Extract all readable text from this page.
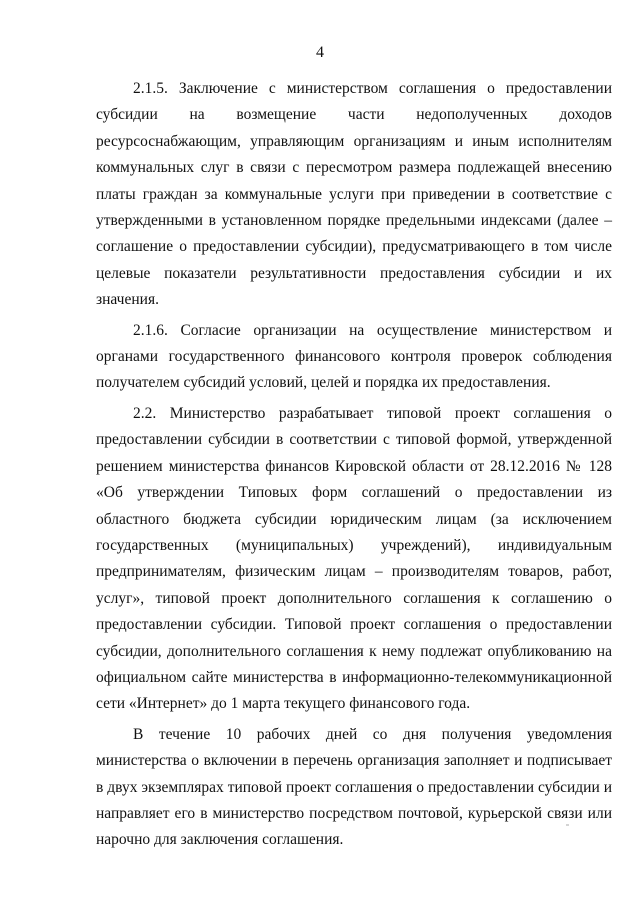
4

2.1.5. Заключение с министерством соглашения о предоставлении субсидии на возмещение части недополученных доходов ресурсоснабжающим, управляющим организациям и иным исполнителям коммунальных слуг в связи с пересмотром размера подлежащей внесению платы граждан за коммунальные услуги при приведении в соответствие с утвержденными в установленном порядке предельными индексами (далее – соглашение о предоставлении субсидии), предусматривающего в том числе целевые показатели результативности предоставления субсидии и их значения.

2.1.6. Согласие организации на осуществление министерством и органами государственного финансового контроля проверок соблюдения получателем субсидий условий, целей и порядка их предоставления.

2.2. Министерство разрабатывает типовой проект соглашения о предоставлении субсидии в соответствии с типовой формой, утвержденной решением министерства финансов Кировской области от 28.12.2016 № 128 «Об утверждении Типовых форм соглашений о предоставлении из областного бюджета субсидии юридическим лицам (за исключением государственных (муниципальных) учреждений), индивидуальным предпринимателям, физическим лицам – производителям товаров, работ, услуг», типовой проект дополнительного соглашения к соглашению о предоставлении субсидии. Типовой проект соглашения о предоставлении субсидии, дополнительного соглашения к нему подлежат опубликованию на официальном сайте министерства в информационно-телекоммуникационной сети «Интернет» до 1 марта текущего финансового года.

В течение 10 рабочих дней со дня получения уведомления министерства о включении в перечень организация заполняет и подписывает в двух экземплярах типовой проект соглашения о предоставлении субсидии и направляет его в министерство посредством почтовой, курьерской связи или нарочно для заключения соглашения.
